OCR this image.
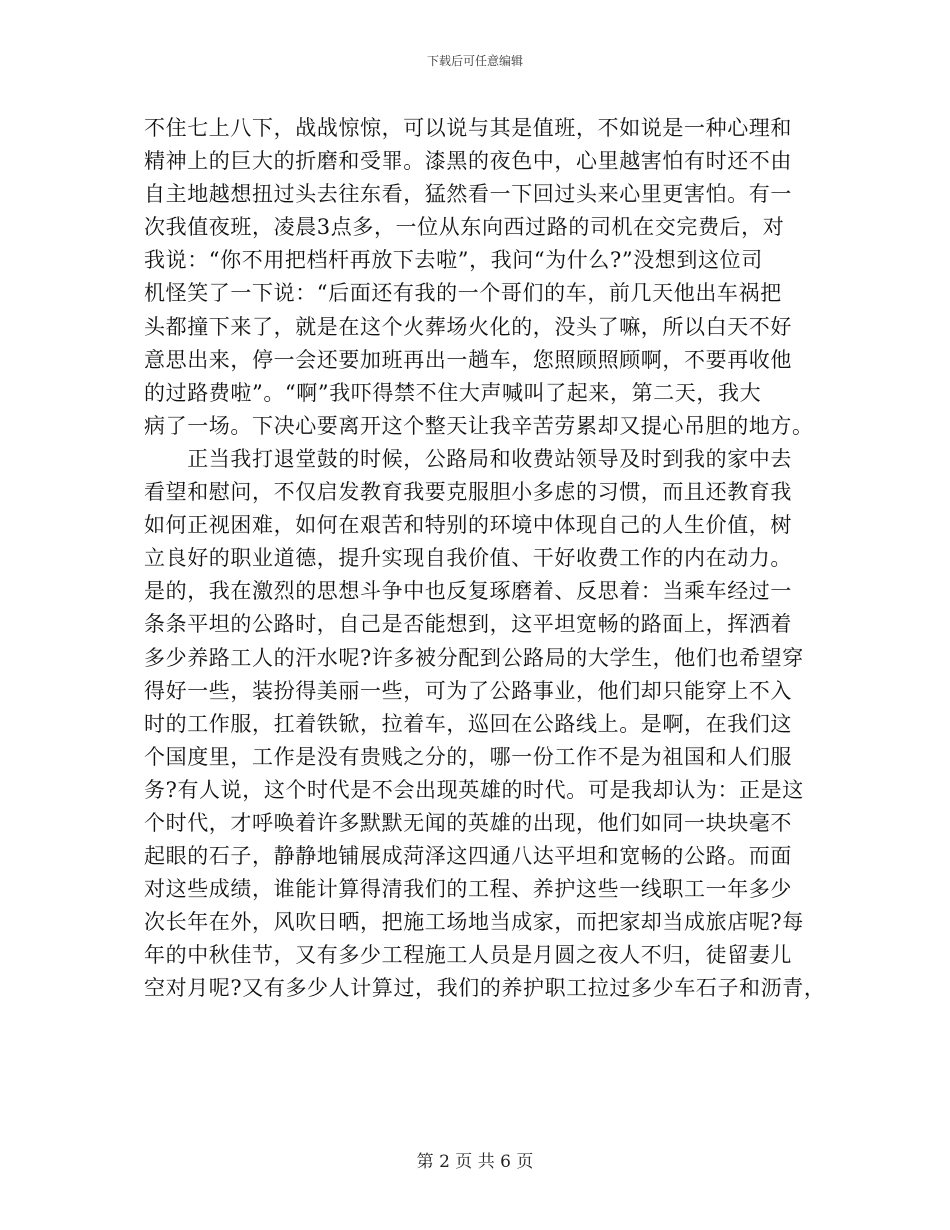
下载后可任意编辑
不住七上八下，战战惊惊，可以说与其是值班，不如说是一种心理和
精神上的巨大的折磨和受罪。漆黑的夜色中，心里越害怕有时还不由
自主地越想扭过头去往东看，猛然看一下回过头来心里更害怕。有一
次我值夜班，凌晨3点多，一位从东向西过路的司机在交完费后，对
我说：“你不用把档杆再放下去啦”，我问“为什么?”没想到这位司
机怪笑了一下说：“后面还有我的一个哥们的车，前几天他出车祸把
头都撞下来了，就是在这个火葬场火化的，没头了嘛，所以白天不好
意思出来，停一会还要加班再出一趟车，您照顾照顾啊，不要再收他
的过路费啦”。“啊”我吓得禁不住大声喊叫了起来，第二天，我大
病了一场。下决心要离开这个整天让我辛苦劳累却又提心吊胆的地方。
　　正当我打退堂鼓的时候，公路局和收费站领导及时到我的家中去
看望和慰问，不仅启发教育我要克服胆小多虑的习惯，而且还教育我
如何正视困难，如何在艰苦和特别的环境中体现自己的人生价值，树
立良好的职业道德，提升实现自我价值、干好收费工作的内在动力。
是的，我在激烈的思想斗争中也反复琢磨着、反思着：当乘车经过一
条条平坦的公路时，自己是否能想到，这平坦宽畅的路面上，挥洒着
多少养路工人的汗水呢?许多被分配到公路局的大学生，他们也希望穿
得好一些，装扮得美丽一些，可为了公路事业，他们却只能穿上不入
时的工作服，扛着铁锨，拉着车，巡回在公路线上。是啊，在我们这
个国度里，工作是没有贵贱之分的，哪一份工作不是为祖国和人们服
务?有人说，这个时代是不会出现英雄的时代。可是我却认为：正是这
个时代，才呼唤着许多默默无闻的英雄的出现，他们如同一块块毫不
起眼的石子，静静地铺展成菏泽这四通八达平坦和宽畅的公路。而面
对这些成绩，谁能计算得清我们的工程、养护这些一线职工一年多少
次长年在外，风吹日晒，把施工场地当成家，而把家却当成旅店呢?每
年的中秋佳节，又有多少工程施工人员是月圆之夜人不归，徒留妻儿
空对月呢?又有多少人计算过，我们的养护职工拉过多少车石子和沥青，
第 2 页 共 6 页
